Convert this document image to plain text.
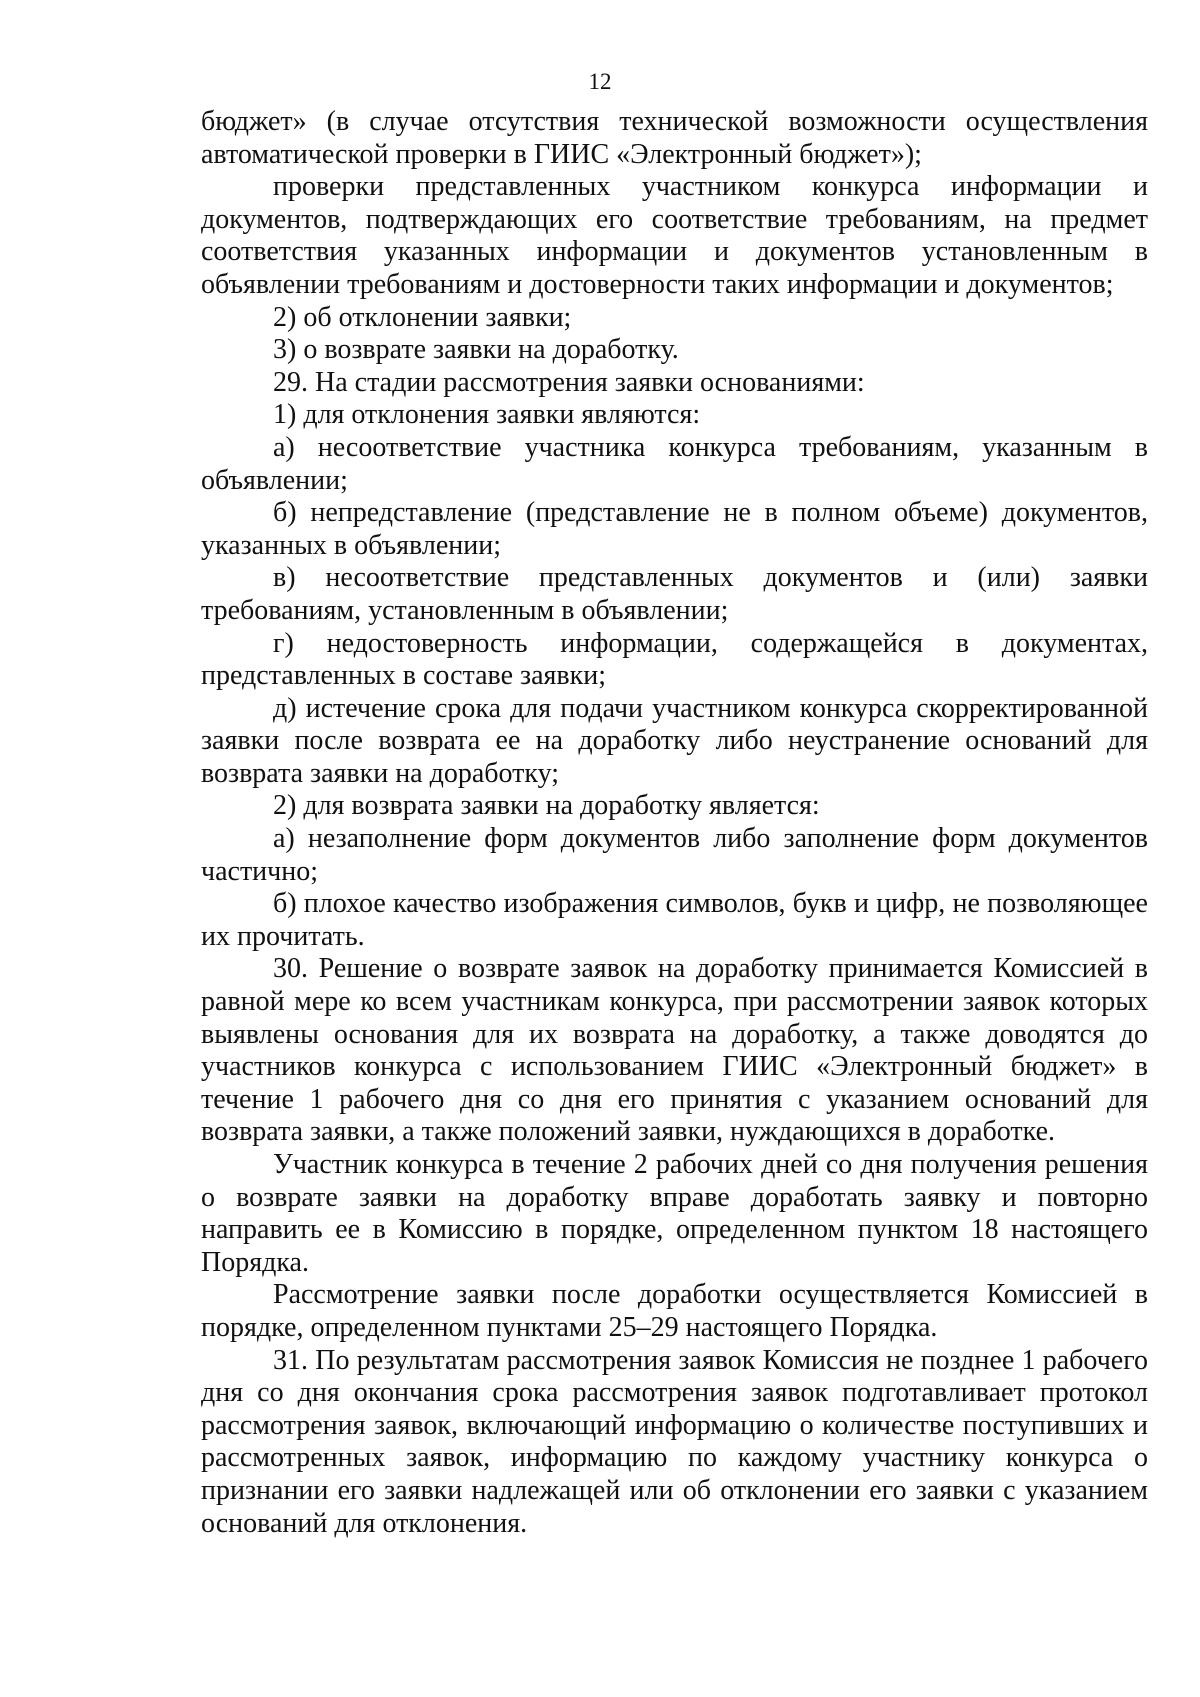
12

бюджет» (в случае отсутствия технической возможности осуществления автоматической проверки в ГИИС «Электронный бюджет»);

проверки представленных участником конкурса информации и документов, подтверждающих его соответствие требованиям, на предмет соответствия указанных информации и документов установленным в объявлении требованиям и достоверности таких информации и документов;

2) об отклонении заявки;

3) о возврате заявки на доработку.

29. На стадии рассмотрения заявки основаниями:

1) для отклонения заявки являются:

а) несоответствие участника конкурса требованиям, указанным в объявлении;

б) непредставление (представление не в полном объеме) документов, указанных в объявлении;

в) несоответствие представленных документов и (или) заявки требованиям, установленным в объявлении;

г) недостоверность информации, содержащейся в документах, представленных в составе заявки;

д) истечение срока для подачи участником конкурса скорректированной заявки после возврата ее на доработку либо неустранение оснований для возврата заявки на доработку;

2) для возврата заявки на доработку является:

а) незаполнение форм документов либо заполнение форм документов частично;

б) плохое качество изображения символов, букв и цифр, не позволяющее их прочитать.

30. Решение о возврате заявок на доработку принимается Комиссией в равной мере ко всем участникам конкурса, при рассмотрении заявок которых выявлены основания для их возврата на доработку, а также доводятся до участников конкурса с использованием ГИИС «Электронный бюджет» в течение 1 рабочего дня со дня его принятия с указанием оснований для возврата заявки, а также положений заявки, нуждающихся в доработке.

Участник конкурса в течение 2 рабочих дней со дня получения решения о возврате заявки на доработку вправе доработать заявку и повторно направить ее в Комиссию в порядке, определенном пунктом 18 настоящего Порядка.

Рассмотрение заявки после доработки осуществляется Комиссией в порядке, определенном пунктами 25–29 настоящего Порядка.

31. По результатам рассмотрения заявок Комиссия не позднее 1 рабочего дня со дня окончания срока рассмотрения заявок подготавливает протокол рассмотрения заявок, включающий информацию о количестве поступивших и рассмотренных заявок, информацию по каждому участнику конкурса о признании его заявки надлежащей или об отклонении его заявки с указанием оснований для отклонения.
